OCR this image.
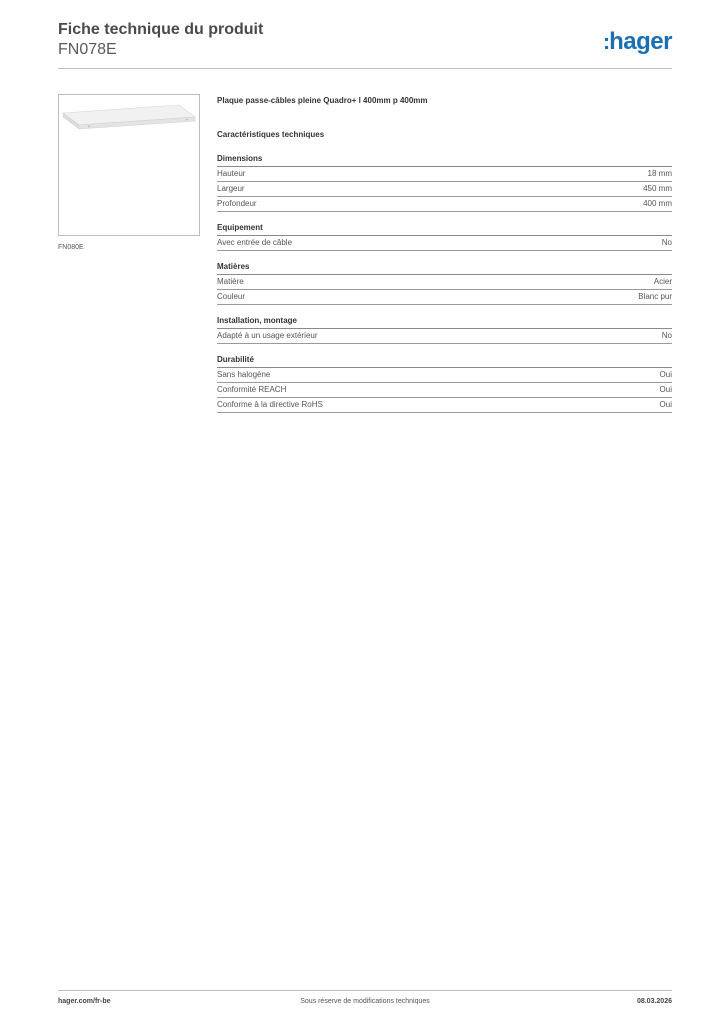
Fiche technique du produit
FN078E	:hager
FN080E
Plaque passe-câbles pleine Quadro+ l 400mm p 400mm
Caractéristiques techniques
Dimensions
Hauteur	18 mm
Largeur	450 mm
Profondeur	400 mm
Equipement
Avec entrée de câble	No
Matières
Matière	Acier
Couleur	Blanc pur
Installation, montage
Adapté à un usage extérieur	No
Durabilité
Sans halogène	Oui
Conformité REACH	Oui
Conforme à la directive RoHS	Oui
Sous réserve de modifications techniques
hager.com/fr-be	08.03.2026
